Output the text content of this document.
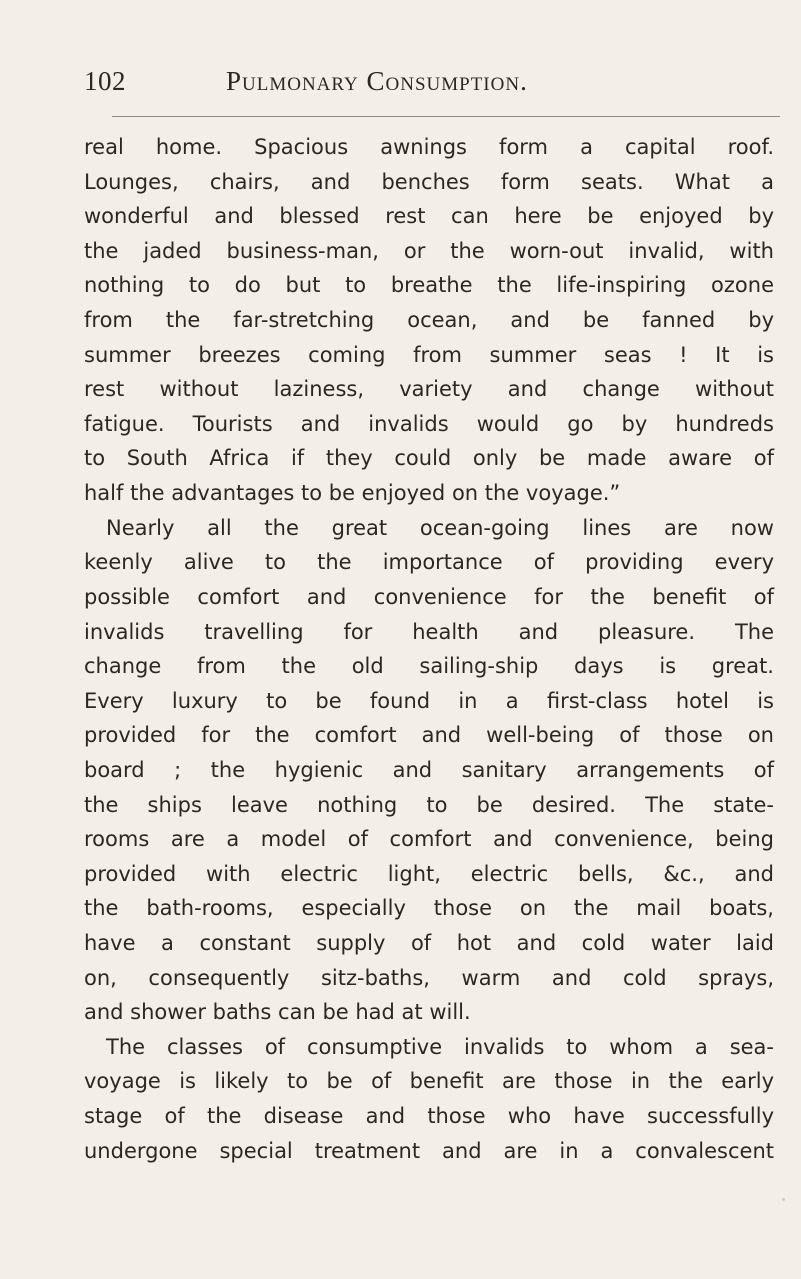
102	Pulmonary Consumption.
real home. Spacious awnings form a capital roof.
Lounges, chairs, and benches form seats. What a
wonderful and blessed rest can here be enjoyed by
the jaded business-man, or the worn-out invalid, with
nothing to do but to breathe the life-inspiring ozone
from the far-stretching ocean, and be fanned by
summer breezes coming from summer seas ! It is
rest without laziness, variety and change without
fatigue. Tourists and invalids would go by hundreds
to South Africa if they could only be made aware of
half the advantages to be enjoyed on the voyage.”
Nearly all the great ocean-going lines are now
keenly alive to the importance of providing every
possible comfort and convenience for the benefit of
invalids travelling for health and pleasure. The
change from the old sailing-ship days is great.
Every luxury to be found in a first-class hotel is
provided for the comfort and well-being of those on
board ; the hygienic and sanitary arrangements of
the ships leave nothing to be desired. The state-
rooms are a model of comfort and convenience, being
provided with electric light, electric bells, &c., and
the bath-rooms, especially those on the mail boats,
have a constant supply of hot and cold water laid
on, consequently sitz-baths, warm and cold sprays,
and shower baths can be had at will.
The classes of consumptive invalids to whom a sea-
voyage is likely to be of benefit are those in the early
stage of the disease and those who have successfully
undergone special treatment and are in a convalescent
